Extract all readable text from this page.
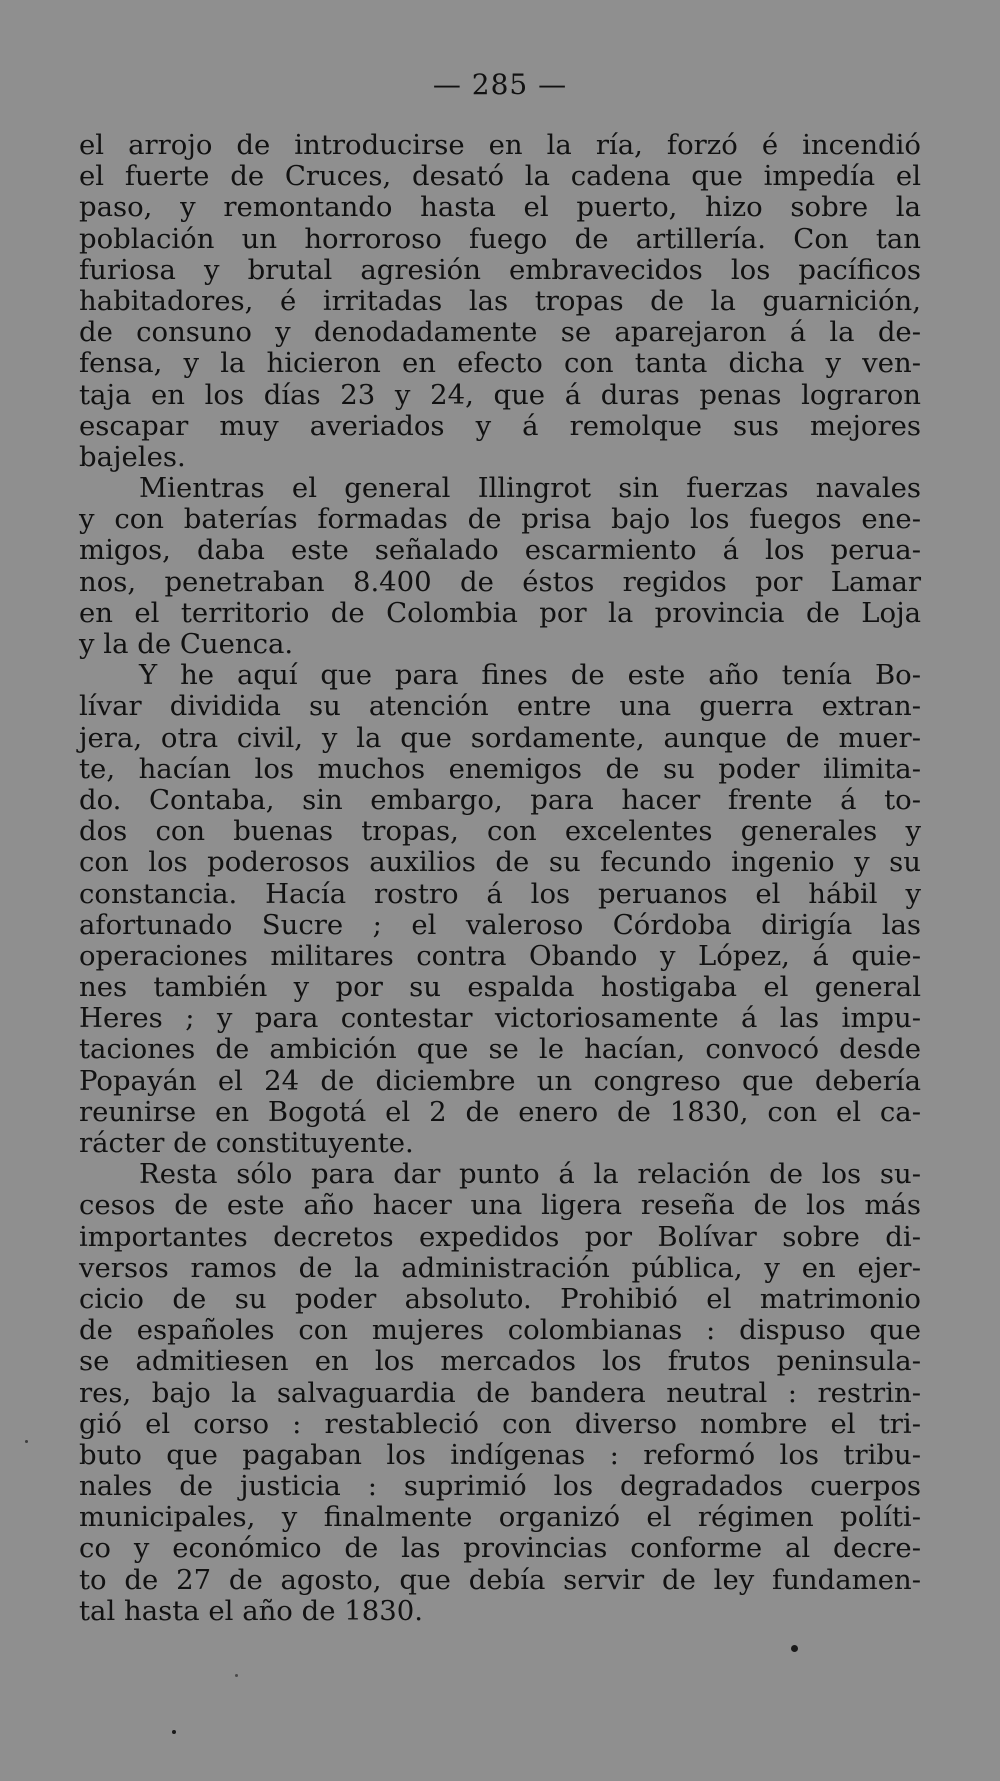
— 285 —
el arrojo de introducirse en la ría, forzó é incendió
el fuerte de Cruces, desató la cadena que impedía el
paso, y remontando hasta el puerto, hizo sobre la
población un horroroso fuego de artillería. Con tan
furiosa y brutal agresión embravecidos los pacíficos
habitadores, é irritadas las tropas de la guarnición,
de consuno y denodadamente se aparejaron á la de-
fensa, y la hicieron en efecto con tanta dicha y ven-
taja en los días 23 y 24, que á duras penas lograron
escapar muy averiados y á remolque sus mejores
bajeles.
Mientras el general Illingrot sin fuerzas navales
y con baterías formadas de prisa bajo los fuegos ene-
migos, daba este señalado escarmiento á los perua-
nos, penetraban 8.400 de éstos regidos por Lamar
en el territorio de Colombia por la provincia de Loja
y la de Cuenca.
Y he aquí que para fines de este año tenía Bo-
lívar dividida su atención entre una guerra extran-
jera, otra civil, y la que sordamente, aunque de muer-
te, hacían los muchos enemigos de su poder ilimita-
do. Contaba, sin embargo, para hacer frente á to-
dos con buenas tropas, con excelentes generales y
con los poderosos auxilios de su fecundo ingenio y su
constancia. Hacía rostro á los peruanos el hábil y
afortunado Sucre ; el valeroso Córdoba dirigía las
operaciones militares contra Obando y López, á quie-
nes también y por su espalda hostigaba el general
Heres ; y para contestar victoriosamente á las impu-
taciones de ambición que se le hacían, convocó desde
Popayán el 24 de diciembre un congreso que debería
reunirse en Bogotá el 2 de enero de 1830, con el ca-
rácter de constituyente.
Resta sólo para dar punto á la relación de los su-
cesos de este año hacer una ligera reseña de los más
importantes decretos expedidos por Bolívar sobre di-
versos ramos de la administración pública, y en ejer-
cicio de su poder absoluto. Prohibió el matrimonio
de españoles con mujeres colombianas : dispuso que
se admitiesen en los mercados los frutos peninsula-
res, bajo la salvaguardia de bandera neutral : restrin-
gió el corso : restableció con diverso nombre el tri-
buto que pagaban los indígenas : reformó los tribu-
nales de justicia : suprimió los degradados cuerpos
municipales, y finalmente organizó el régimen políti-
co y económico de las provincias conforme al decre-
to de 27 de agosto, que debía servir de ley fundamen-
tal hasta el año de 1830.
